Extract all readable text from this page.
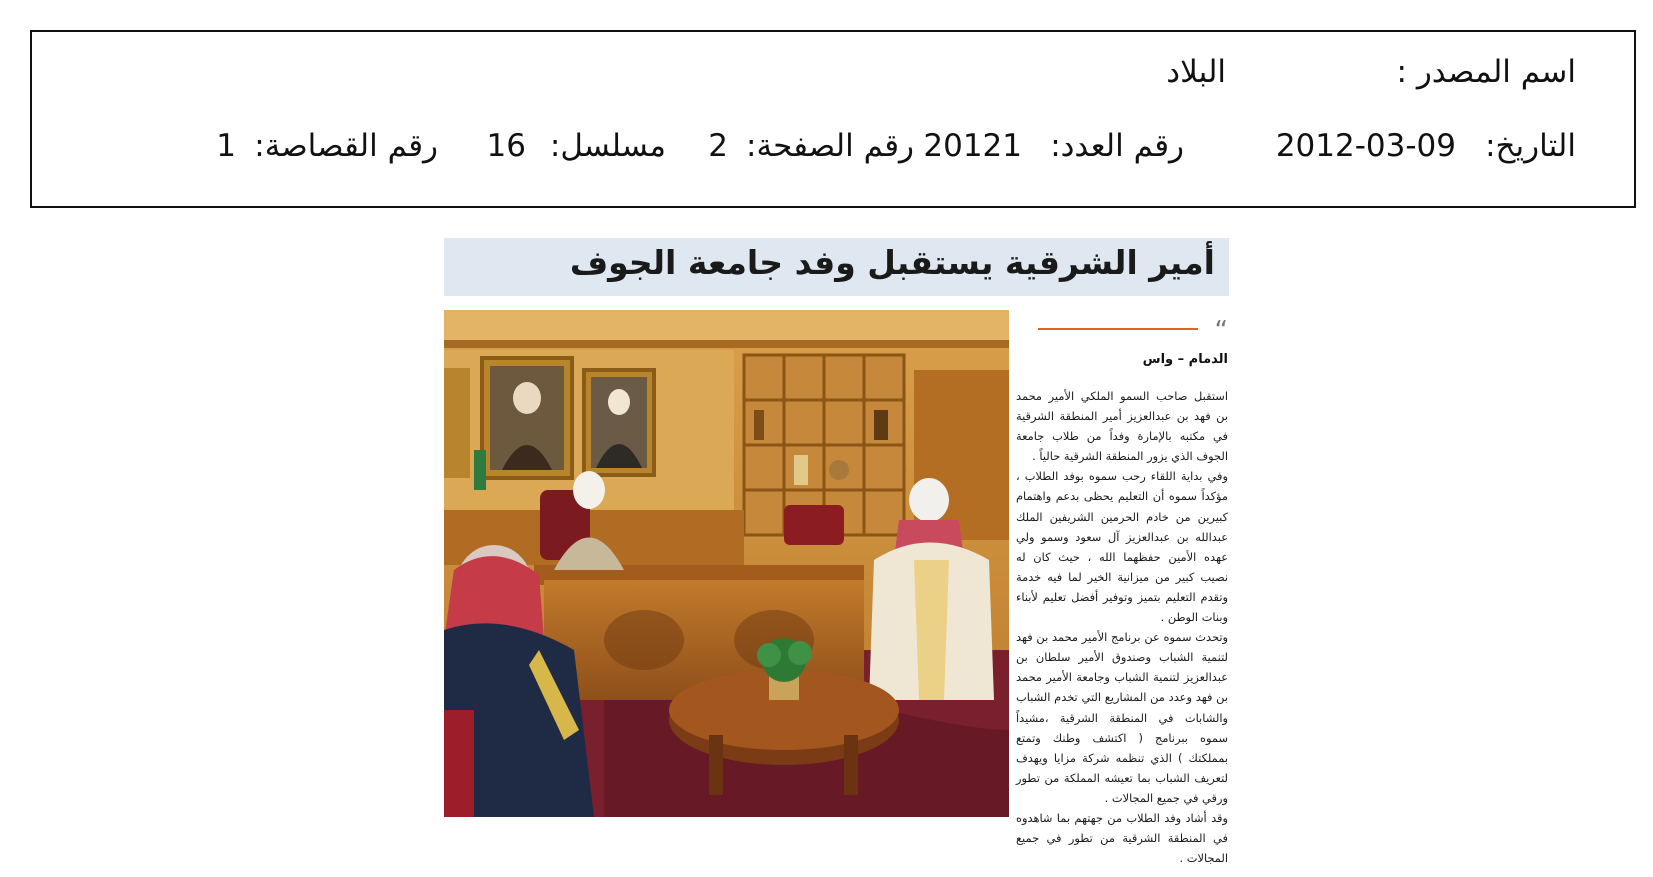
اسم المصدر :
البلاد
التاريخ:
2012-03-09
رقم العدد:
20121
رقم الصفحة:
2
مسلسل:
16
رقم القصاصة:
1
أمير الشرقية يستقبل وفد جامعة الجوف
“
الدمام – واس

استقبل صاحب السمو الملكي الأمير محمد بن فهد بن عبدالعزيز أمير المنطقة الشرقية في مكتبه بالإمارة وفداً من طلاب جامعة الجوف الذي يزور المنطقة الشرقية حالياً .

وفي بداية اللقاء رحب سموه بوفد الطلاب ، مؤكداً سموه أن التعليم يحظى بدعم واهتمام كبيرين من خادم الحرمين الشريفين الملك عبدالله بن عبدالعزيز آل سعود وسمو ولي عهده الأمين حفظهما الله ، حيث كان له نصيب كبير من ميزانية الخير لما فيه خدمة وتقدم التعليم بتميز وتوفير أفضل تعليم لأبناء وبنات الوطن .

وتحدث سموه عن برنامج الأمير محمد بن فهد لتنمية الشباب وصندوق الأمير سلطان بن عبدالعزيز لتنمية الشباب وجامعة الأمير محمد بن فهد وعدد من المشاريع التي تخدم الشباب والشابات في المنطقة الشرقية ،مشيداً سموه ببرنامج ( اكتشف وطنك وتمتع بمملكتك ) الذي تنظمه شركة مزايا ويهدف لتعريف الشباب بما تعيشه المملكة من تطور ورقي في جميع المجالات .

وقد أشاد وفد الطلاب من جهتهم بما شاهدوه في المنطقة الشرقية من تطور في جميع المجالات .
